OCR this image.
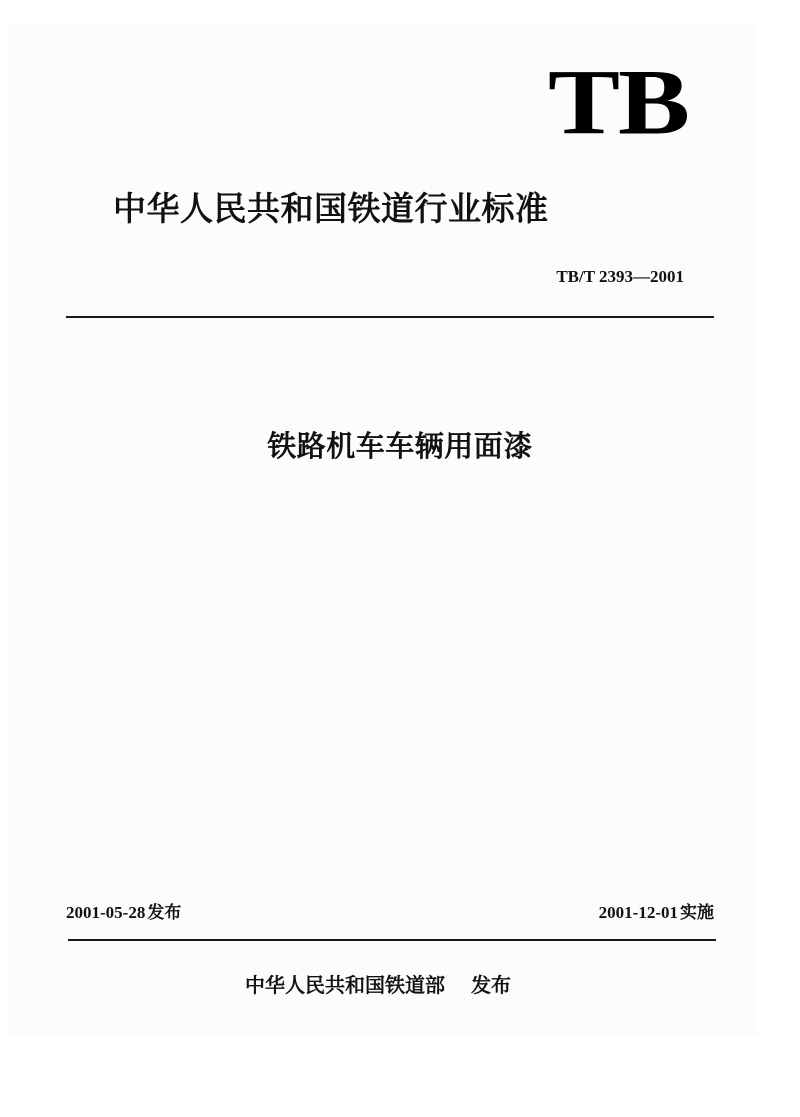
TB
中华人民共和国铁道行业标准
TB/T 2393—2001
铁路机车车辆用面漆
2001-05-28 发布	2001-12-01 实施
中华人民共和国铁道部 发布
